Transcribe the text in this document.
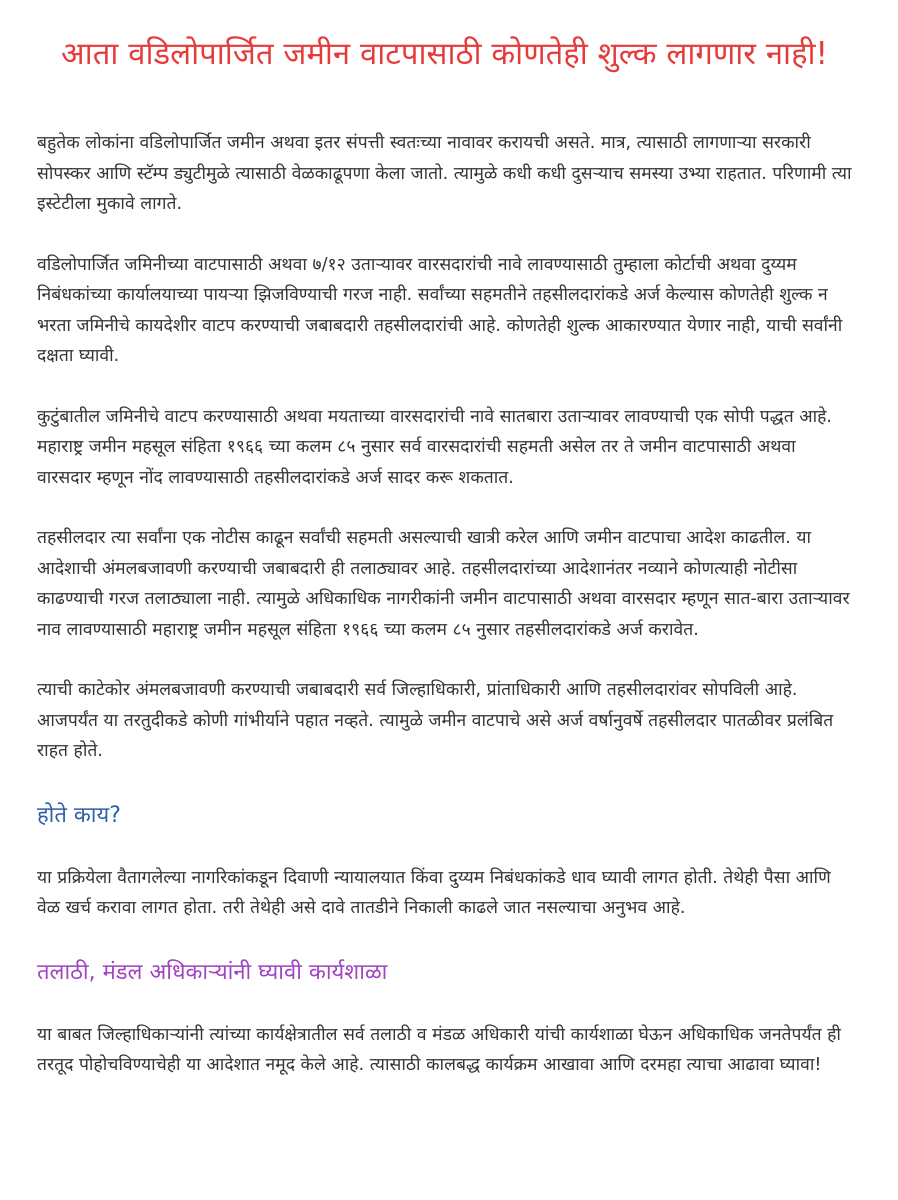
आता वडिलोपार्जित जमीन वाटपासाठी कोणतेही शुल्क लागणार नाही!

बहुतेक लोकांना वडिलोपार्जित जमीन अथवा इतर संपत्ती स्वतःच्या नावावर करायची असते. मात्र, त्यासाठी लागणाऱ्या सरकारी सोपस्कर आणि स्टॅम्प ड्युटीमुळे त्यासाठी वेळकाढूपणा केला जातो. त्यामुळे कधी कधी दुसऱ्याच समस्या उभ्या राहतात. परिणामी त्या इस्टेटीला मुकावे लागते.

वडिलोपार्जित जमिनीच्या वाटपासाठी अथवा ७/१२ उताऱ्यावर वारसदारांची नावे लावण्यासाठी तुम्हाला कोर्टाची अथवा दुय्यम निबंधकांच्या कार्यालयाच्या पायऱ्या झिजविण्याची गरज नाही. सर्वांच्या सहमतीने तहसीलदारांकडे अर्ज केल्यास कोणतेही शुल्क न भरता जमिनीचे कायदेशीर वाटप करण्याची जबाबदारी तहसीलदारांची आहे. कोणतेही शुल्क आकारण्यात येणार नाही, याची सर्वांनी दक्षता घ्यावी.

कुटुंबातील जमिनीचे वाटप करण्यासाठी अथवा मयताच्या वारसदारांची नावे सातबारा उताऱ्यावर लावण्याची एक सोपी पद्धत आहे. महाराष्ट्र जमीन महसूल संहिता १९६६ च्या कलम ८५ नुसार सर्व वारसदारांची सहमती असेल तर ते जमीन वाटपासाठी अथवा वारसदार म्हणून नोंद लावण्यासाठी तहसीलदारांकडे अर्ज सादर करू शकतात.

तहसीलदार त्या सर्वांना एक नोटीस काढून सर्वांची सहमती असल्याची खात्री करेल आणि जमीन वाटपाचा आदेश काढतील. या आदेशाची अंमलबजावणी करण्याची जबाबदारी ही तलाठ्यावर आहे. तहसीलदारांच्या आदेशानंतर नव्याने कोणत्याही नोटीसा काढण्याची गरज तलाठ्याला नाही. त्यामुळे अधिकाधिक नागरीकांनी जमीन वाटपासाठी अथवा वारसदार म्हणून सात-बारा उताऱ्यावर नाव लावण्यासाठी महाराष्ट्र जमीन महसूल संहिता १९६६ च्या कलम ८५ नुसार तहसीलदारांकडे अर्ज करावेत.

त्याची काटेकोर अंमलबजावणी करण्याची जबाबदारी सर्व जिल्हाधिकारी, प्रांताधिकारी आणि तहसीलदारांवर सोपविली आहे. आजपर्यंत या तरतुदीकडे कोणी गांभीर्याने पहात नव्हते. त्यामुळे जमीन वाटपाचे असे अर्ज वर्षानुवर्षे तहसीलदार पातळीवर प्रलंबित राहत होते.

होते काय?

या प्रक्रियेला वैतागलेल्या नागरिकांकडून दिवाणी न्यायालयात किंवा दुय्यम निबंधकांकडे धाव घ्यावी लागत होती. तेथेही पैसा आणि वेळ खर्च करावा लागत होता. तरी तेथेही असे दावे तातडीने निकाली काढले जात नसल्याचा अनुभव आहे.

तलाठी, मंडल अधिकाऱ्यांनी घ्यावी कार्यशाळा

या बाबत जिल्हाधिकाऱ्यांनी त्यांच्या कार्यक्षेत्रातील सर्व तलाठी व मंडळ अधिकारी यांची कार्यशाळा घेऊन अधिकाधिक जनतेपर्यंत ही तरतूद पोहोचविण्याचेही या आदेशात नमूद केले आहे. त्यासाठी कालबद्ध कार्यक्रम आखावा आणि दरमहा त्याचा आढावा घ्यावा!
